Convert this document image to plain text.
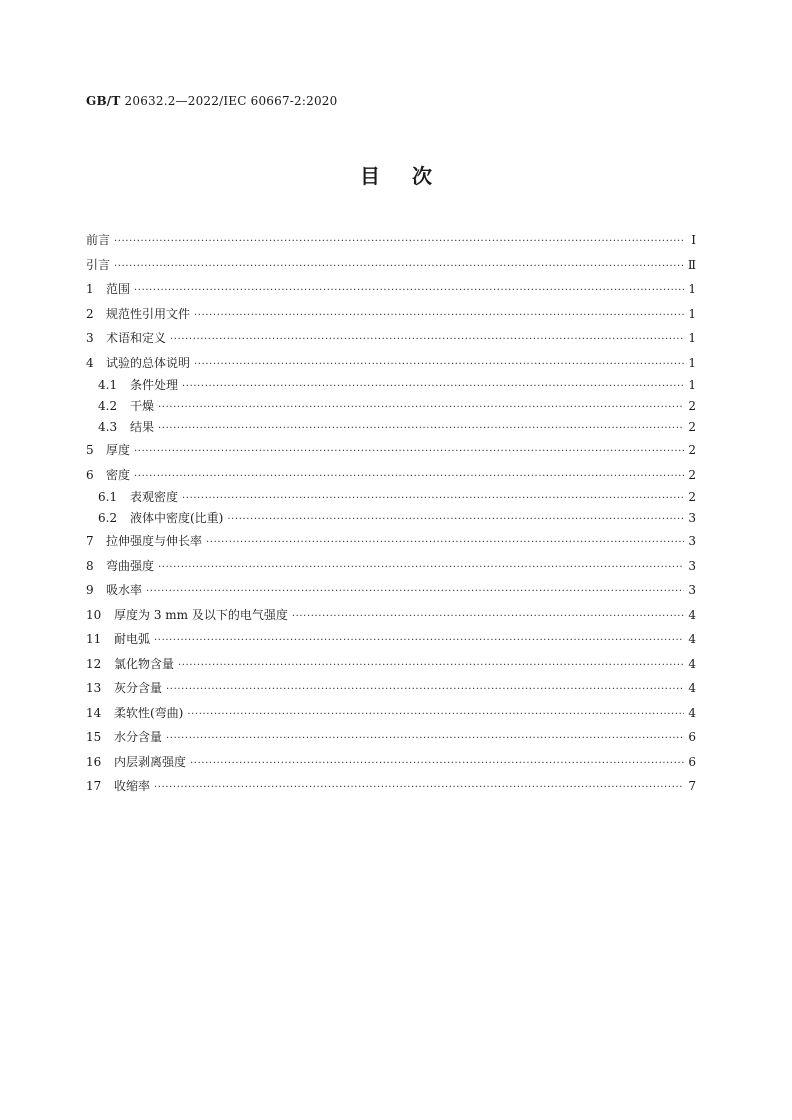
GB/T 20632.2—2022/IEC 60667-2:2020
目次
前言 ·····	Ⅰ
引言 ·····	Ⅱ
1	范围 ·····	1
2	规范性引用文件 ·····	1
3	术语和定义 ·····	1
4	试验的总体说明 ·····	1
4.1	条件处理 ·····	1
4.2	干燥 ·····	2
4.3	结果 ·····	2
5	厚度 ·····	2
6	密度 ·····	2
6.1	表观密度 ·····	2
6.2	液体中密度(比重) ·····	3
7	拉伸强度与伸长率 ·····	3
8	弯曲强度 ·····	3
9	吸水率 ·····	3
10	厚度为 3 mm 及以下的电气强度 ·····	4
11	耐电弧 ·····	4
12	氯化物含量 ·····	4
13	灰分含量 ·····	4
14	柔软性(弯曲) ·····	4
15	水分含量 ·····	6
16	内层剥离强度 ·····	6
17	收缩率 ·····	7
